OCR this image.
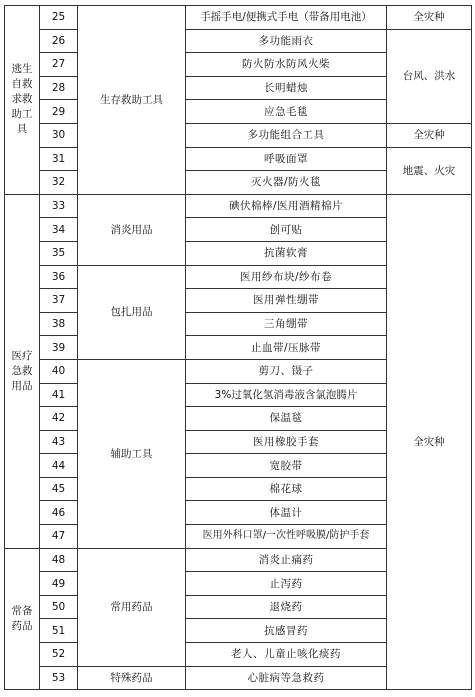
逃生自救求救助工具	25	生存救助工具	手摇手电/便携式手电（带备用电池）	全灾种
	26		多功能雨衣	台风、洪水
	27		防火防水防风火柴	
	28		长明蜡烛	
	29		应急毛毯	
	30		多功能组合工具	全灾种
	31		呼吸面罩	地震、火灾
	32		灭火器/防火毯	
医疗急救用品	33	消炎用品	碘伏棉棒/医用酒精棉片	全灾种
	34		创可贴	
	35		抗菌软膏	
	36	包扎用品	医用纱布块/纱布卷	
	37		医用弹性绷带	
	38		三角绷带	
	39		止血带/压脉带	
	40	辅助工具	剪刀、镊子	
	41		3%过氧化氢消毒液含氯泡腾片	
	42		保温毯	
	43		医用橡胶手套	
	44		宽胶带	
	45		棉花球	
	46		体温计	
	47		医用外科口罩/一次性呼吸膜/防护手套	
常备药品	48	常用药品	消炎止痛药	
	49		止泻药	
	50		退烧药	
	51		抗感冒药	
	52		老人、儿童止咳化痰药	
	53	特殊药品	心脏病等急救药	
